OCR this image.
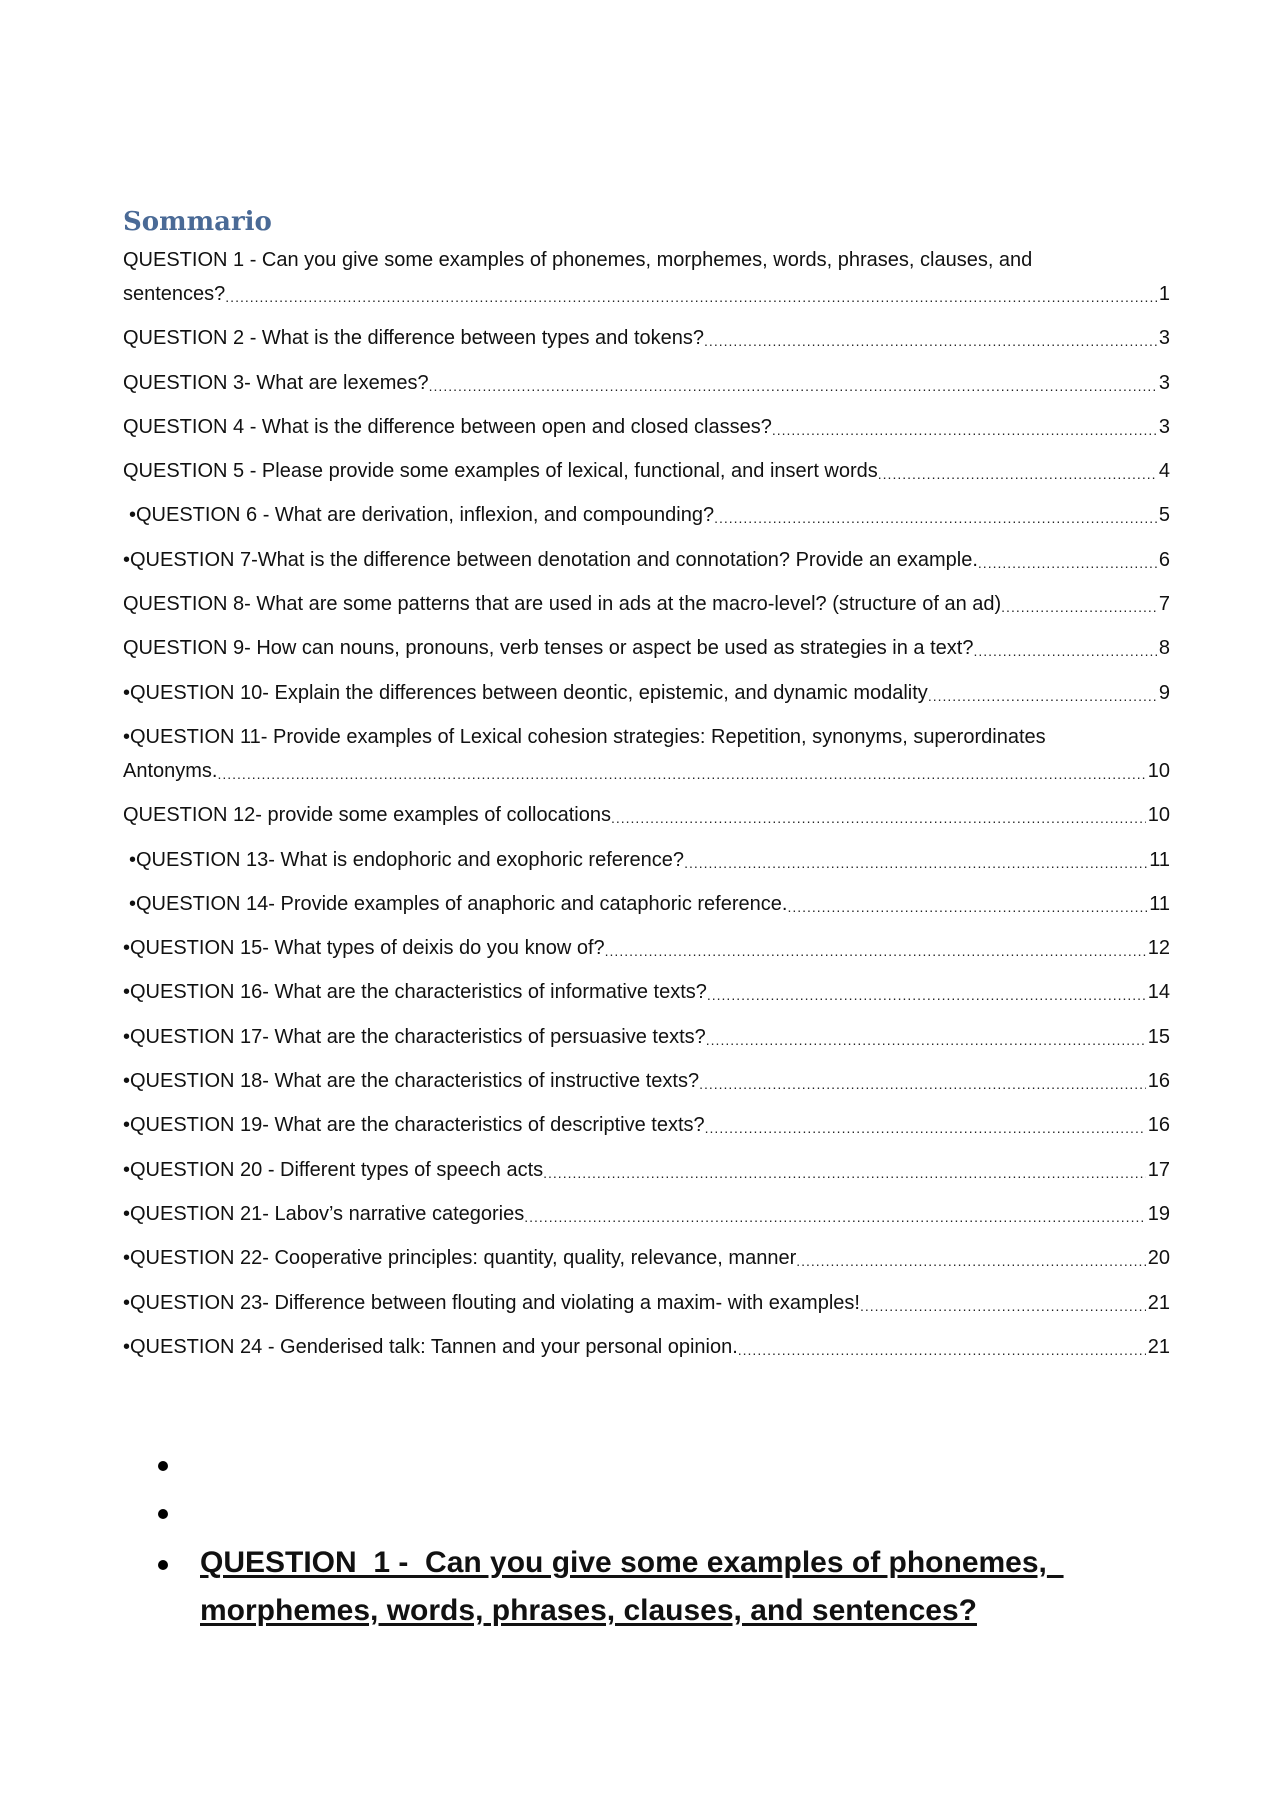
Sommario
QUESTION 1 - Can you give some examples of phonemes, morphemes, words, phrases, clauses, and
sentences? .....	1
QUESTION 2 - What is the difference between types and tokens? .....	3
QUESTION 3- What are lexemes? .....	3
QUESTION 4 - What is the difference between open and closed classes? .....	3
QUESTION 5 - Please provide some examples of lexical, functional, and insert words .....	4
•QUESTION 6 - What are derivation, inflexion, and compounding? .....	5
•QUESTION 7-What is the difference between denotation and connotation? Provide an example. .....	6
QUESTION 8- What are some patterns that are used in ads at the macro-level? (structure of an ad) .....	7
QUESTION 9- How can nouns, pronouns, verb tenses or aspect be used as strategies in a text? .....	8
•QUESTION 10- Explain the differences between deontic, epistemic, and dynamic modality .....	9
•QUESTION 11- Provide examples of Lexical cohesion strategies: Repetition, synonyms, superordinates
Antonyms. .....	10
QUESTION 12- provide some examples of collocations .....	10
•QUESTION 13- What is endophoric and exophoric reference? .....	11
•QUESTION 14- Provide examples of anaphoric and cataphoric reference. .....	11
•QUESTION 15- What types of deixis do you know of? .....	12
•QUESTION 16- What are the characteristics of informative texts? .....	14
•QUESTION 17- What are the characteristics of persuasive texts? .....	15
•QUESTION 18- What are the characteristics of instructive texts? .....	16
•QUESTION 19- What are the characteristics of descriptive texts? .....	16
•QUESTION 20 - Different types of speech acts .....	17
•QUESTION 21- Labov’s narrative categories .....	19
•QUESTION 22- Cooperative principles: quantity, quality, relevance, manner .....	20
•QUESTION 23- Difference between flouting and violating a maxim- with examples! .....	21
•QUESTION 24 - Genderised talk: Tannen and your personal opinion. .....	21
QUESTION  1 -  Can you give some examples of phonemes,  morphemes, words, phrases, clauses, and sentences?
